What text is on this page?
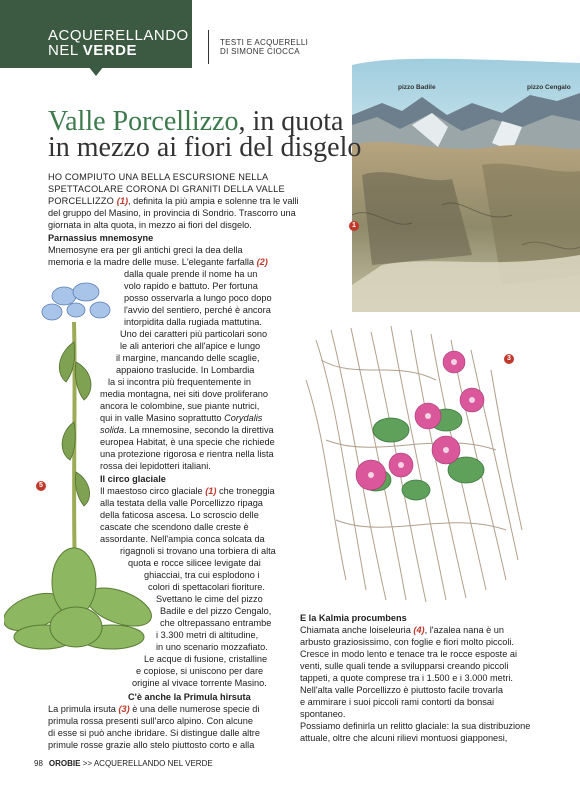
ACQUERELLANDO
NEL VERDE	TESTI E ACQUERELLI
DI SIMONE CIOCCA
pizzo Badile	pizzo Cengalo
1
Valle Porcellizzo, in quota
in mezzo ai fiori del disgelo
3
5
HO COMPIUTO UNA BELLA ESCURSIONE NELLA
SPETTACOLARE CORONA DI GRANITI DELLA VALLE
PORCELLIZZO (1), definita la più ampia e solenne tra le valli
del gruppo del Masino, in provincia di Sondrio. Trascorro una
giornata in alta quota, in mezzo ai fiori del disgelo.
Parnassius mnemosyne
Mnemosyne era per gli antichi greci la dea della
memoria e la madre delle muse. L'elegante farfalla (2)
dalla quale prende il nome ha un
volo rapido e battuto. Per fortuna
posso osservarla a lungo poco dopo
l'avvio del sentiero, perché è ancora
intorpidita dalla rugiada mattutina.
Uno dei caratteri più particolari sono
le ali anteriori che all'apice e lungo
il margine, mancando delle scaglie,
appaiono traslucide. In Lombardia
la si incontra più frequentemente in
media montagna, nei siti dove proliferano
ancora le colombine, sue piante nutrici,
qui in valle Masino soprattutto Corydalis
solida. La mnemosine, secondo la direttiva
europea Habitat, è una specie che richiede
una protezione rigorosa e rientra nella lista
rossa dei lepidotteri italiani.
Il circo glaciale
Il maestoso circo glaciale (1) che troneggia
alla testata della valle Porcellizzo ripaga
della faticosa ascesa. Lo scroscio delle
cascate che scendono dalle creste è
assordante. Nell'ampia conca solcata da
rigagnoli si trovano una torbiera di alta
quota e rocce silicee levigate dai
ghiacciai, tra cui esplodono i
colori di spettacolari fioriture.
Svettano le cime del pizzo
Badile e del pizzo Cengalo,
che oltrepassano entrambe
i 3.300 metri di altitudine,
in uno scenario mozzafiato.
Le acque di fusione, cristalline
e copiose, si uniscono per dare
origine al vivace torrente Masino.
C'è anche la Primula hirsuta
La primula irsuta (3) è una delle numerose specie di
primula rossa presenti sull'arco alpino. Con alcune
di esse si può anche ibridare. Si distingue dalle altre
primule rosse grazie allo stelo piuttosto corto e alla
E la Kalmia procumbens
Chiamata anche loiseleuria (4), l'azalea nana è un
arbusto graziosissimo, con foglie e fiori molto piccoli.
Cresce in modo lento e tenace tra le rocce esposte ai
venti, sulle quali tende a svilupparsi creando piccoli
tappeti, a quote comprese tra i 1.500 e i 3.000 metri.
Nell'alta valle Porcellizzo è piuttosto facile trovarla
e ammirare i suoi piccoli rami contorti da bonsai
spontaneo.
Possiamo definirla un relitto glaciale: la sua distribuzione
attuale, oltre che alcuni rilievi montuosi giapponesi,
98 OROBIE >> ACQUERELLANDO NEL VERDE
